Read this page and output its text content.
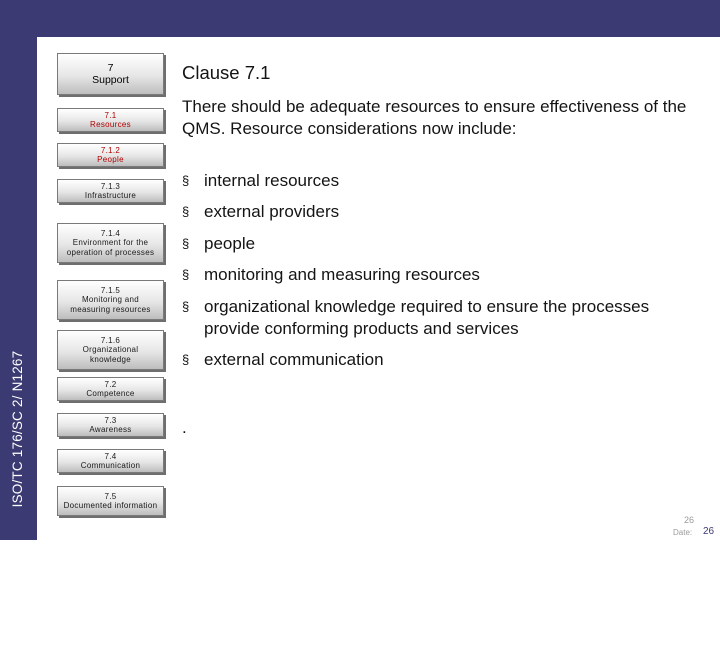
ISO/TC 176/SC 2/ N1267
7
Support
7.1
Resources
7.1.2
People
7.1.3
Infrastructure
7.1.4
Environment for the
operation of processes
7.1.5
Monitoring and
measuring resources
7.1.6
Organizational
knowledge
7.2
Competence
7.3
Awareness
7.4
Communication
7.5
Documented information
Clause 7.1
There should be adequate resources to ensure effectiveness of the QMS. Resource considerations now include:
§ internal resources
§ external providers
§ people
§ monitoring and measuring resources
§ organizational knowledge required to ensure the processes provide conforming products and services
§ external communication
.
26
Date: 26
